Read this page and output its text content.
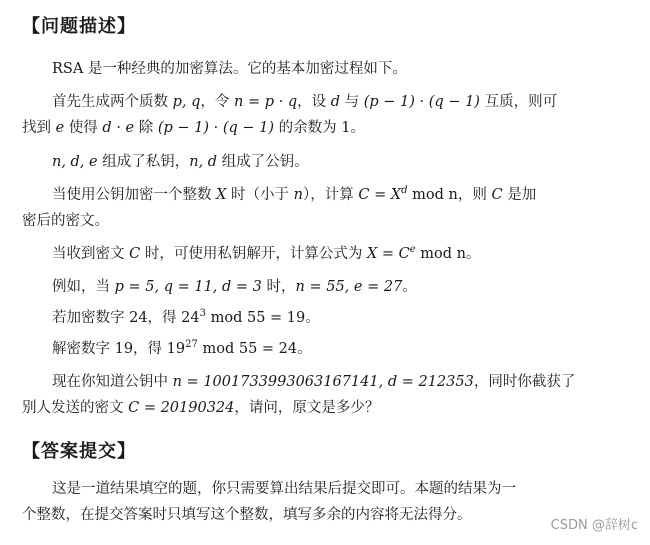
【问题描述】
RSA 是一种经典的加密算法。它的基本加密过程如下。
首先生成两个质数 p, q，令 n = p · q，设 d 与 (p − 1) · (q − 1) 互质，则可
找到 e 使得 d · e 除 (p − 1) · (q − 1) 的余数为 1。
n, d, e 组成了私钥，n, d 组成了公钥。
当使用公钥加密一个整数 X 时（小于 n），计算 $C = X^d$ mod n，则 C 是加
密后的密文。
当收到密文 C 时，可使用私钥解开，计算公式为 $X = C^e$ mod n。
例如，当 p = 5, q = 11, d = 3 时，n = 55, e = 27。
若加密数字 24，得 $24^3$ mod 55 = 19。
解密数字 19，得 $19^{27}$ mod 55 = 24。
现在你知道公钥中 n = 1001733993063167141, d = 212353，同时你截获了
别人发送的密文 C = 20190324，请问，原文是多少？
【答案提交】
这是一道结果填空的题，你只需要算出结果后提交即可。本题的结果为一
个整数，在提交答案时只填写这个整数，填写多余的内容将无法得分。
CSDN @辞树c
